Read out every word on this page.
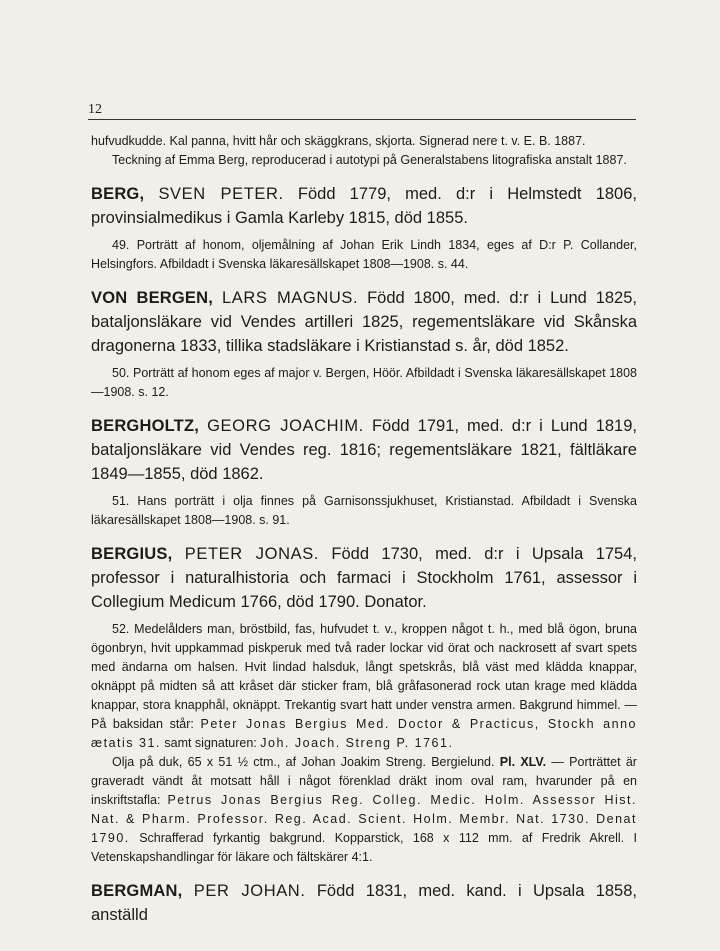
12
hufvudkudde. Kal panna, hvitt hår och skäggkrans, skjorta. Signerad nere t. v. E. B. 1887.
Teckning af Emma Berg, reproducerad i autotypi på Generalstabens litografiska anstalt 1887.
BERG, SVEN PETER. Född 1779, med. d:r i Helmstedt 1806, provinsialmedikus i Gamla Karleby 1815, död 1855.
49. Porträtt af honom, oljemålning af Johan Erik Lindh 1834, eges af D:r P. Collander, Helsingfors. Afbildadt i Svenska läkaresällskapet 1808—1908. s. 44.
VON BERGEN, LARS MAGNUS. Född 1800, med. d:r i Lund 1825, bataljonsläkare vid Vendes artilleri 1825, regementsläkare vid Skånska dragonerna 1833, tillika stadsläkare i Kristianstad s. år, död 1852.
50. Porträtt af honom eges af major v. Bergen, Höör. Afbildadt i Svenska läkaresällskapet 1808—1908. s. 12.
BERGHOLTZ, GEORG JOACHIM. Född 1791, med. d:r i Lund 1819, bataljonsläkare vid Vendes reg. 1816; regementsläkare 1821, fältläkare 1849—1855, död 1862.
51. Hans porträtt i olja finnes på Garnisonssjukhuset, Kristianstad. Afbildadt i Svenska läkaresällskapet 1808—1908. s. 91.
BERGIUS, PETER JONAS. Född 1730, med. d:r i Upsala 1754, professor i naturalhistoria och farmaci i Stockholm 1761, assessor i Collegium Medicum 1766, död 1790. Donator.
52. Medelålders man, bröstbild, fas, hufvudet t. v., kroppen något t. h., med blå ögon, bruna ögonbryn, hvit uppkammad piskperuk med två rader lockar vid örat och nackrosett af svart spets med ändarna om halsen. Hvit lindad halsduk, långt spetskrås, blå väst med klädda knappar, oknäppt på midten så att kråset där sticker fram, blå gråfasonerad rock utan krage med klädda knappar, stora knapphål, oknäppt. Trekantig svart hatt under venstra armen. Bakgrund himmel. — På baksidan står: Peter Jonas Bergius Med. Doctor & Practicus, Stockh anno ætatis 31. samt signaturen: Joh. Joach. Streng P. 1761.
Olja på duk, 65 x 51 ½ ctm., af Johan Joakim Streng. Bergielund. Pl. XLV. — Porträttet är graveradt vändt åt motsatt håll i något förenklad dräkt inom oval ram, hvarunder på en inskriftstafla: Petrus Jonas Bergius Reg. Colleg. Medic. Holm. Assessor Hist. Nat. & Pharm. Professor. Reg. Acad. Scient. Holm. Membr. Nat. 1730. Denat 1790. Schrafferad fyrkantig bakgrund. Kopparstick, 168 x 112 mm. af Fredrik Akrell. I Vetenskapshandlingar för läkare och fältskärer 4:1.
BERGMAN, PER JOHAN. Född 1831, med. kand. i Upsala 1858, anställd
